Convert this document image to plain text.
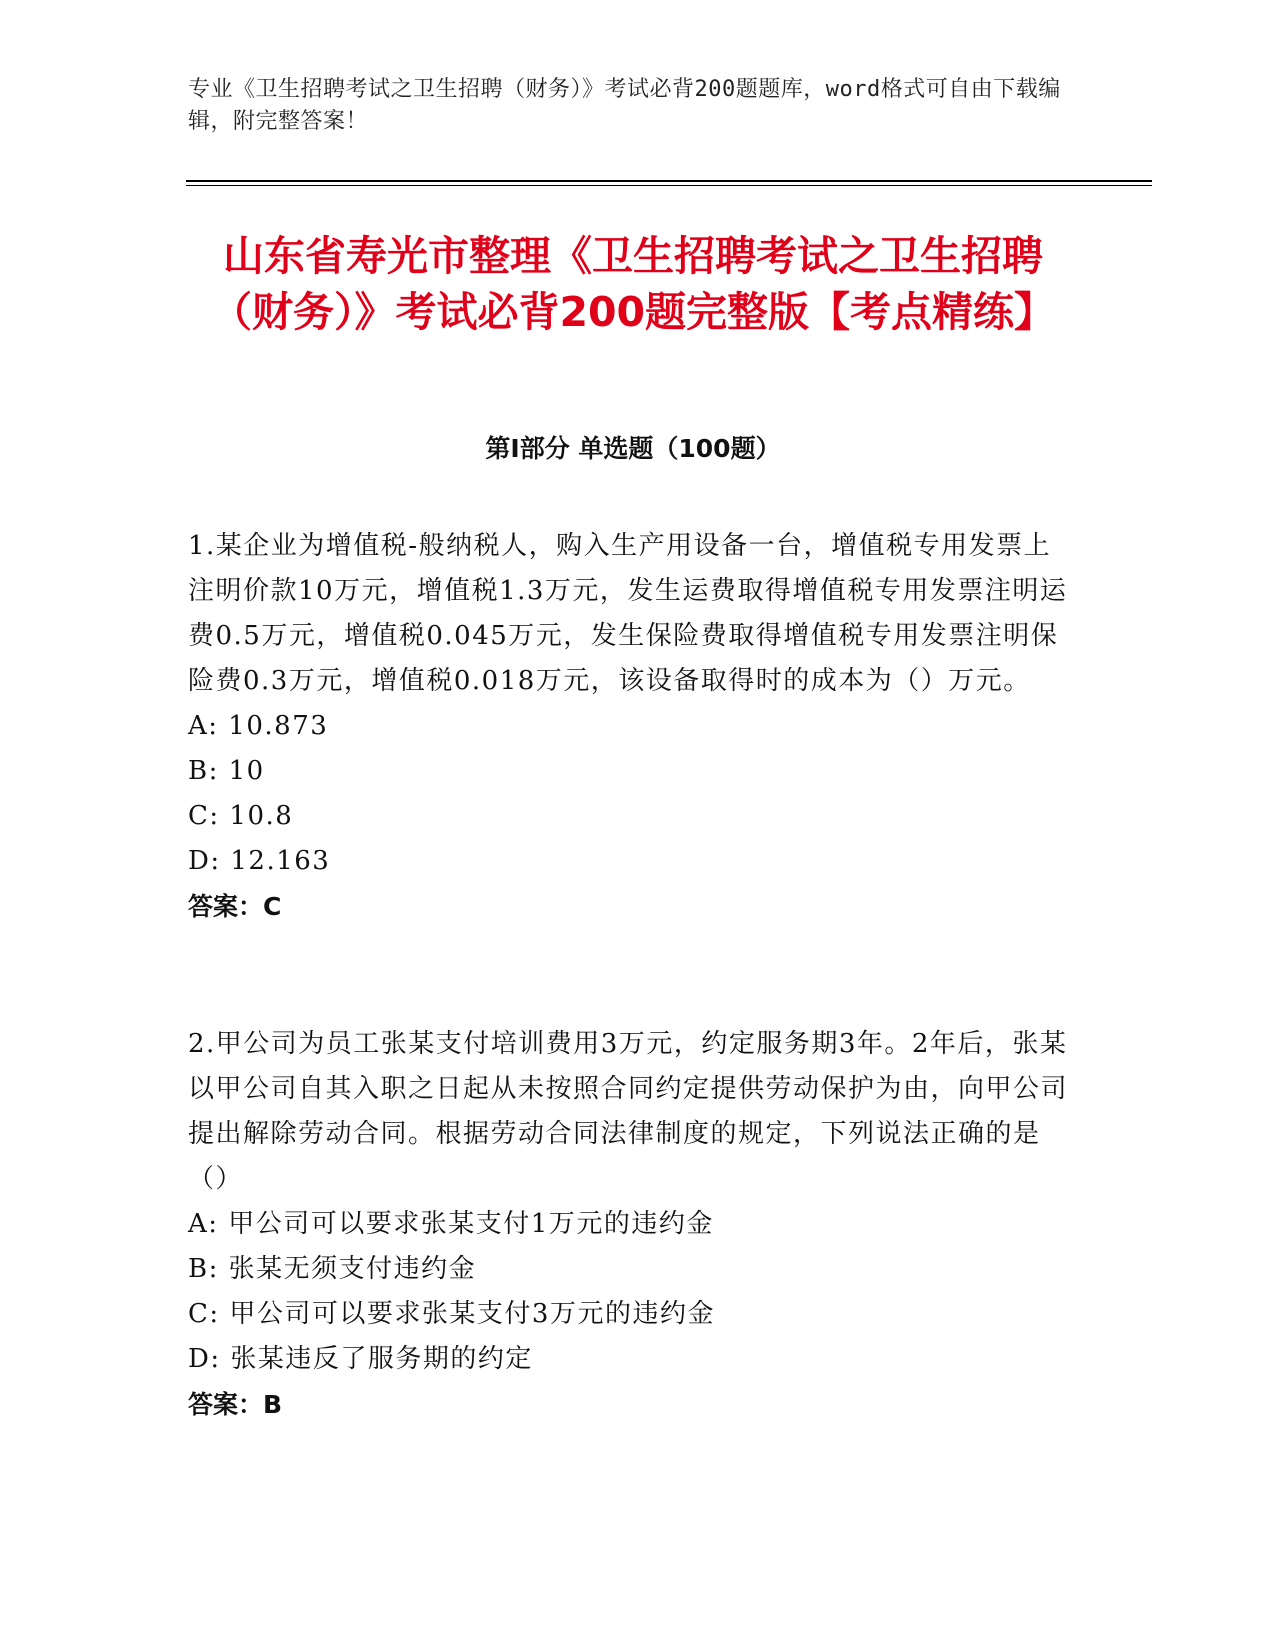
专业《卫生招聘考试之卫生招聘（财务）》考试必背200题题库，word格式可自由下载编辑，附完整答案！
山东省寿光市整理《卫生招聘考试之卫生招聘（财务）》考试必背200题完整版【考点精练】
第I部分 单选题（100题）

1.某企业为增值税-般纳税人，购入生产用设备一台，增值税专用发票上注明价款10万元，增值税1.3万元，发生运费取得增值税专用发票注明运费0.5万元，增值税0.045万元，发生保险费取得增值税专用发票注明保险费0.3万元，增值税0.018万元，该设备取得时的成本为（）万元。

A: 10.873

B: 10

C: 10.8

D: 12.163

答案：C

2.甲公司为员工张某支付培训费用3万元，约定服务期3年。2年后，张某以甲公司自其入职之日起从未按照合同约定提供劳动保护为由，向甲公司提出解除劳动合同。根据劳动合同法律制度的规定，下列说法正确的是（）

A: 甲公司可以要求张某支付1万元的违约金

B: 张某无须支付违约金

C: 甲公司可以要求张某支付3万元的违约金

D: 张某违反了服务期的约定

答案：B
